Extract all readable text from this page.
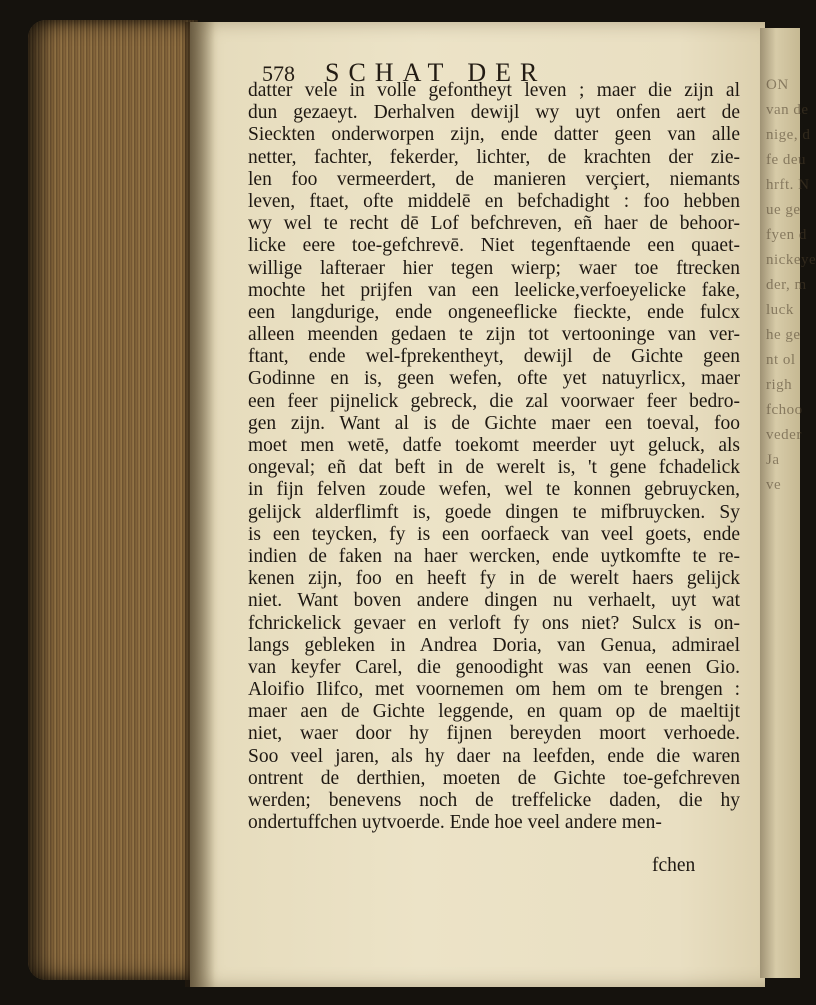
ON
van de
nige, d
fe deu
hrft. N
ue ge
fyen d
nickeye
der, m
luck
he ge
nt ol
righ
fchoo
veder
Ja
ve
578 SCHAT DER
datter vele in volle gefontheyt leven ; maer die zijn al
dun gezaeyt. Derhalven dewijl wy uyt onfen aert de
Sieckten onderworpen zijn, ende datter geen van alle
netter, fachter, fekerder, lichter, de krachten der zie-
len foo vermeerdert, de manieren verçiert, niemants
leven, ftaet, ofte middelē en befchadight : foo hebben
wy wel te recht dē Lof befchreven, eñ haer de behoor-
licke eere toe-gefchrevē. Niet tegenftaende een quaet-
willige lafteraer hier tegen wierp; waer toe ftrecken
mochte het prijfen van een leelicke,verfoeyelicke fake,
een langdurige, ende ongeneeflicke fieckte, ende fulcx
alleen meenden gedaen te zijn tot vertooninge van ver-
ftant, ende wel-fprekentheyt, dewijl de Gichte geen
Godinne en is, geen wefen, ofte yet natuyrlicx, maer
een feer pijnelick gebreck, die zal voorwaer feer bedro-
gen zijn. Want al is de Gichte maer een toeval, foo
moet men wetē, datfe toekomt meerder uyt geluck, als
ongeval; eñ dat beft in de werelt is, 't gene fchadelick
in fijn felven zoude wefen, wel te konnen gebruycken,
gelijck alderflimft is, goede dingen te mifbruycken. Sy
is een teycken, fy is een oorfaeck van veel goets, ende
indien de faken na haer wercken, ende uytkomfte te re-
kenen zijn, foo en heeft fy in de werelt haers gelijck
niet. Want boven andere dingen nu verhaelt, uyt wat
fchrickelick gevaer en verloft fy ons niet? Sulcx is on-
langs gebleken in Andrea Doria, van Genua, admirael
van keyfer Carel, die genoodight was van eenen Gio.
Aloifio Ilifco, met voornemen om hem om te brengen :
maer aen de Gichte leggende, en quam op de maeltijt
niet, waer door hy fijnen bereyden moort verhoede.
Soo veel jaren, als hy daer na leefden, ende die waren
ontrent de derthien, moeten de Gichte toe-gefchreven
werden; benevens noch de treffelicke daden, die hy
ondertuffchen uytvoerde. Ende hoe veel andere men-
fchen
